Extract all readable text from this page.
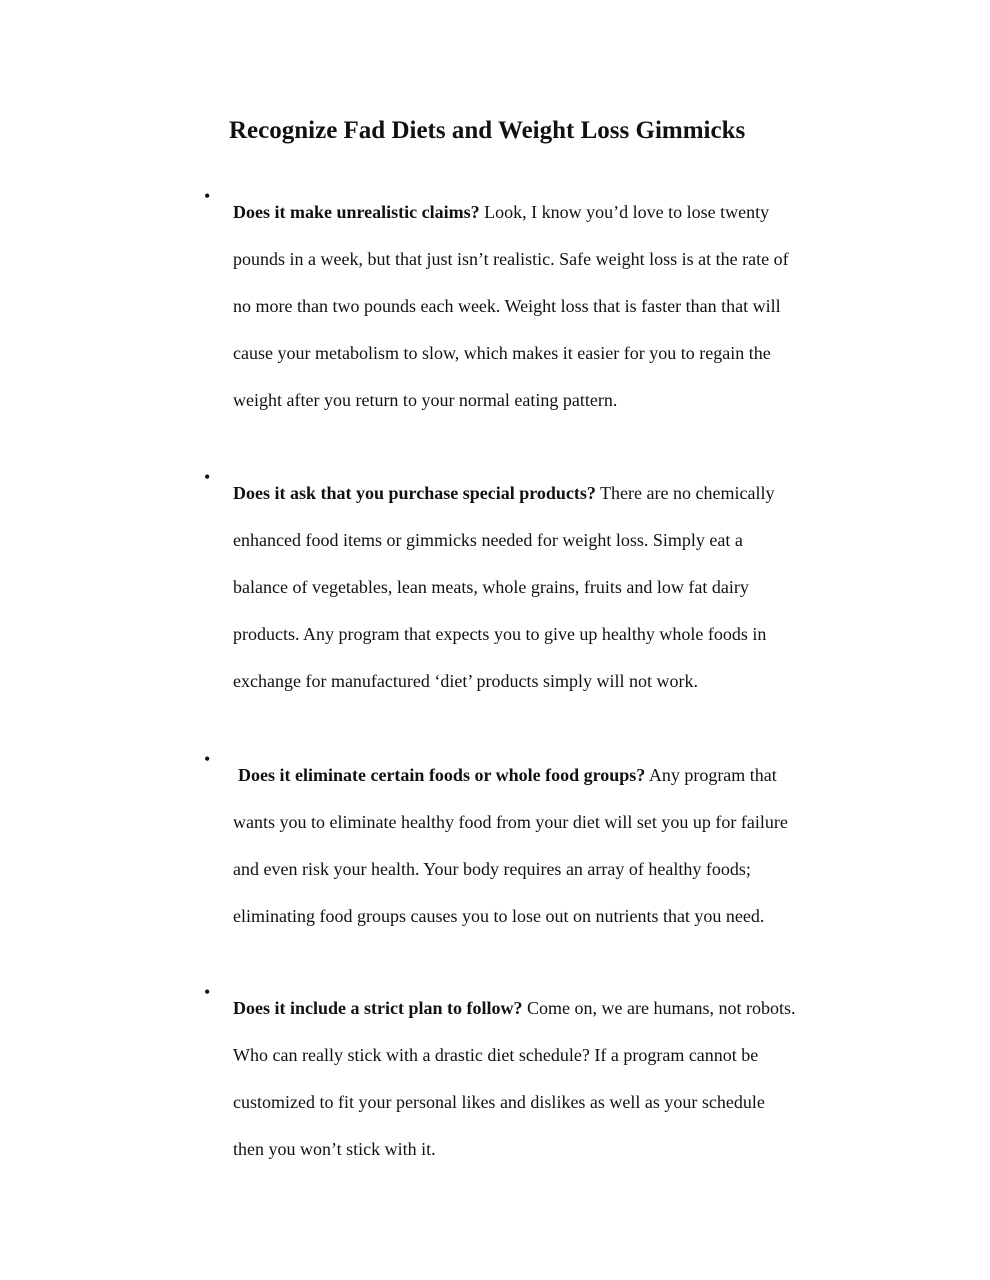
Recognize Fad Diets and Weight Loss Gimmicks
•

Does it make unrealistic claims? Look, I know you’d love to lose twenty
pounds in a week, but that just isn’t realistic. Safe weight loss is at the rate of
no more than two pounds each week. Weight loss that is faster than that will
cause your metabolism to slow, which makes it easier for you to regain the
weight after you return to your normal eating pattern.

•

Does it ask that you purchase special products? There are no chemically
enhanced food items or gimmicks needed for weight loss. Simply eat a
balance of vegetables, lean meats, whole grains, fruits and low fat dairy
products. Any program that expects you to give up healthy whole foods in
exchange for manufactured ‘diet’ products simply will not work.

•

Does it eliminate certain foods or whole food groups? Any program that
wants you to eliminate healthy food from your diet will set you up for failure
and even risk your health. Your body requires an array of healthy foods;
eliminating food groups causes you to lose out on nutrients that you need.

•

Does it include a strict plan to follow? Come on, we are humans, not robots.
Who can really stick with a drastic diet schedule? If a program cannot be
customized to fit your personal likes and dislikes as well as your schedule
then you won’t stick with it.
